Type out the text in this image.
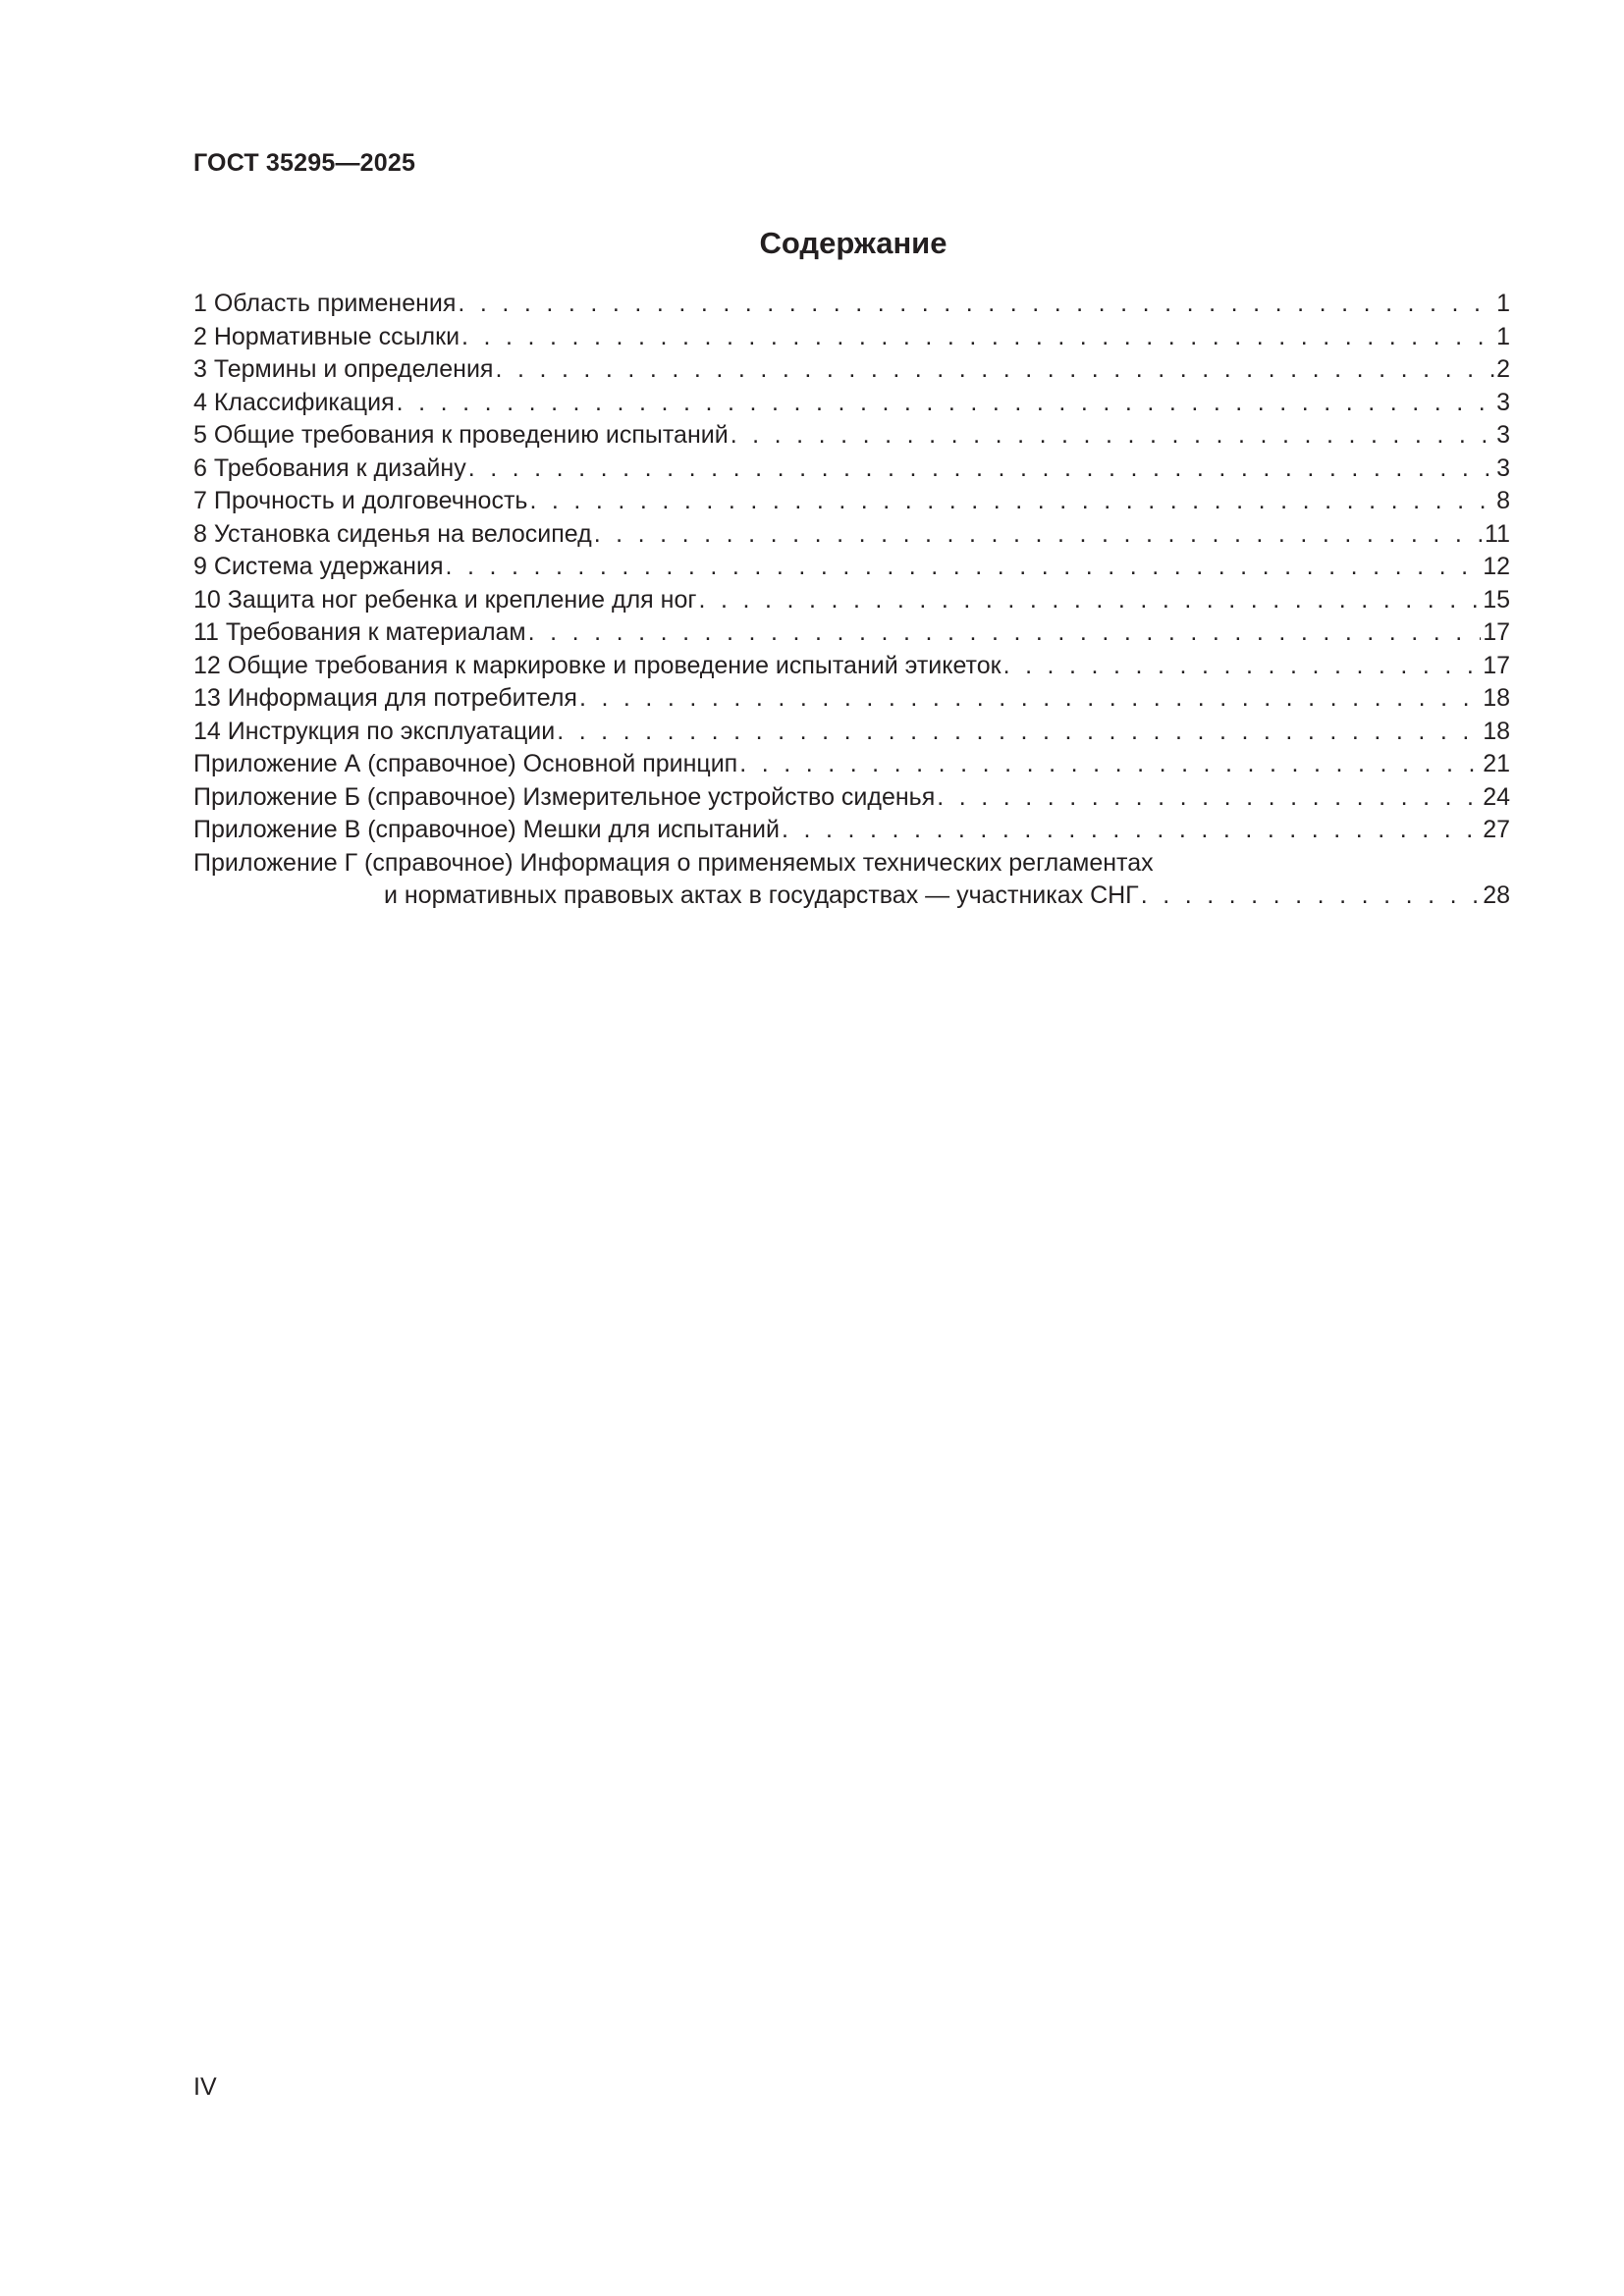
ГОСТ 35295—2025
Содержание
1 Область применения . . .	1
2 Нормативные ссылки . . .	1
3 Термины и определения . . .	2
4 Классификация . . .	3
5 Общие требования к проведению испытаний . . .	3
6 Требования к дизайну . . .	3
7 Прочность и долговечность . . .	8
8 Установка сиденья на велосипед . . .	11
9 Система удержания . . .	12
10 Защита ног ребенка и крепление для ног . . .	15
11 Требования к материалам . . .	17
12 Общие требования к маркировке и проведение испытаний этикеток . . .	17
13 Информация для потребителя . . .	18
14 Инструкция по эксплуатации . . .	18
Приложение А (справочное) Основной принцип . . .	21
Приложение Б (справочное) Измерительное устройство сиденья . . .	24
Приложение В (справочное) Мешки для испытаний . . .	27
Приложение Г (справочное) Информация о применяемых технических регламентах
и нормативных правовых актах в государствах — участниках СНГ . . .	28
IV
